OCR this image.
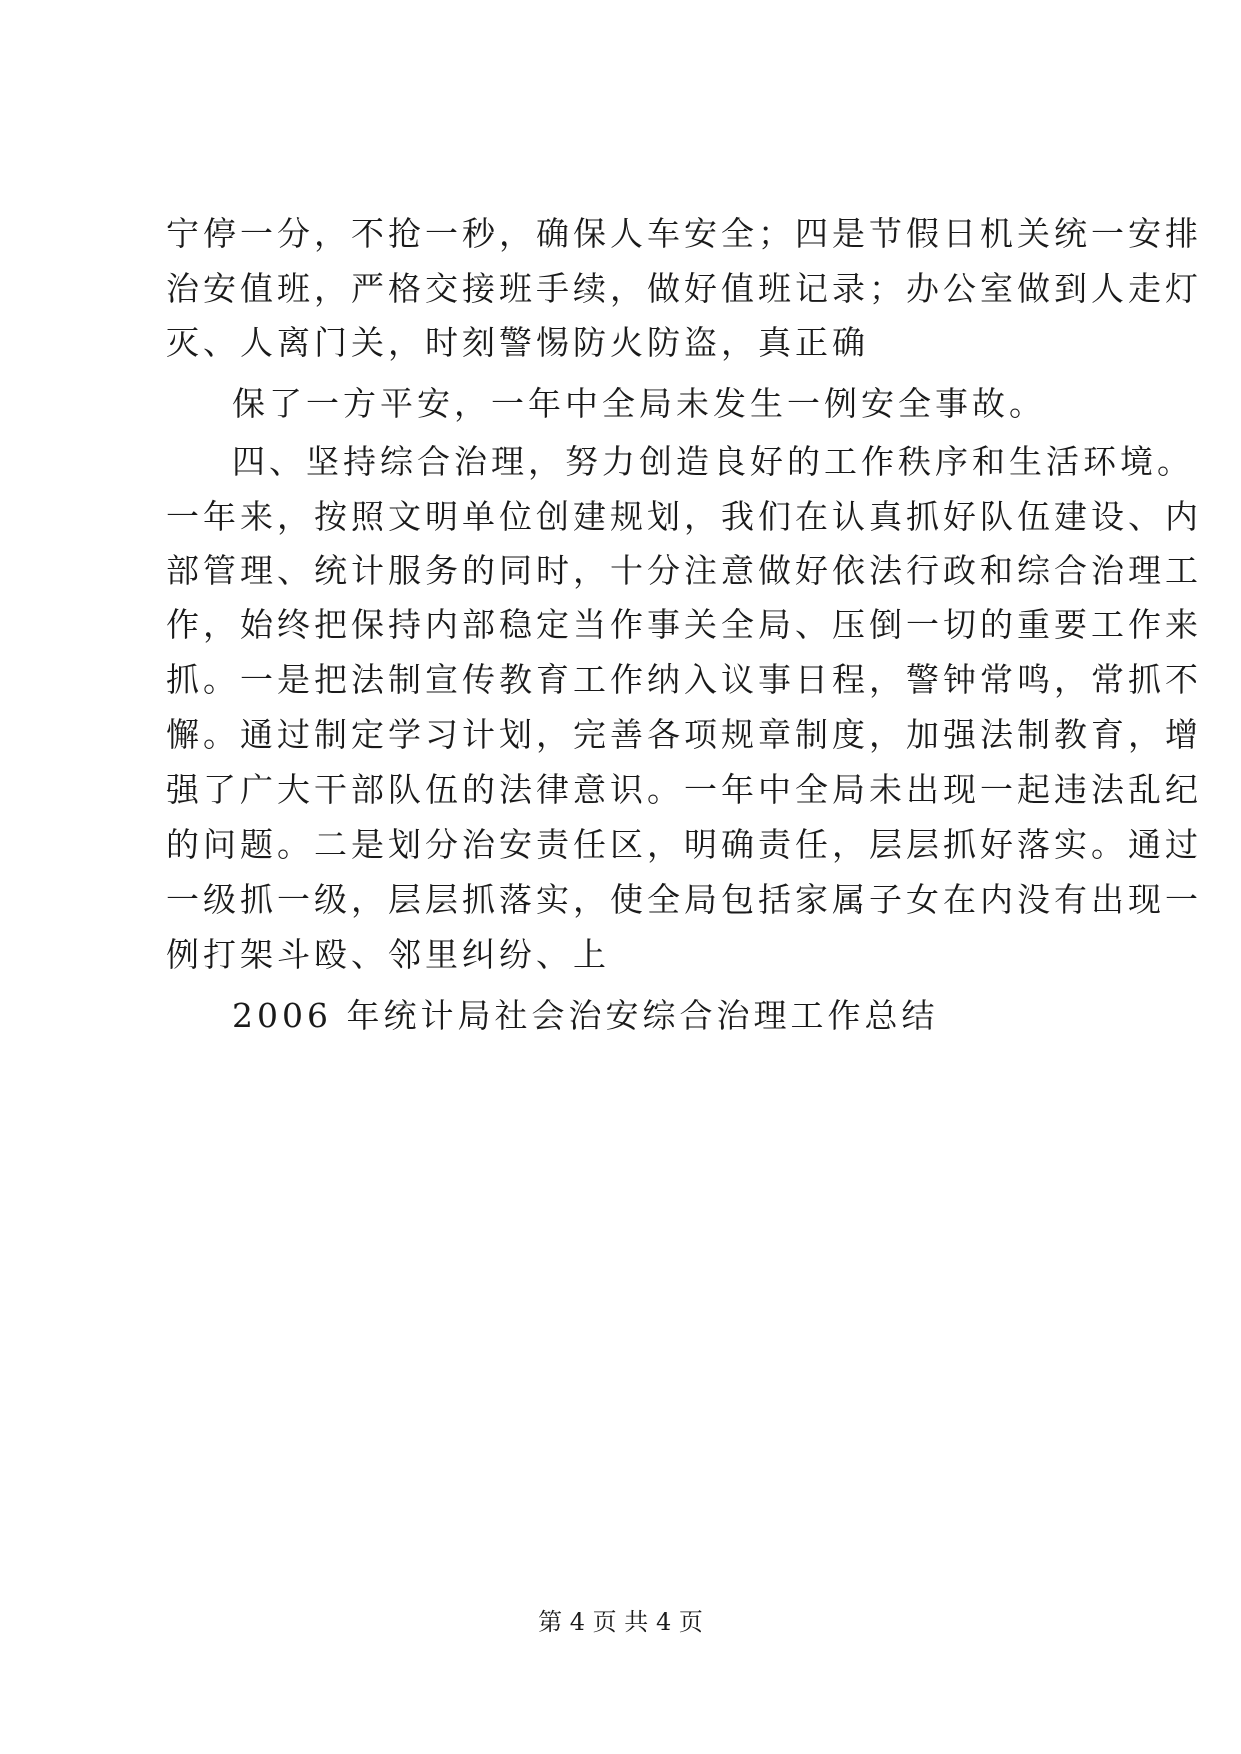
宁停一分，不抢一秒，确保人车安全；四是节假日机关统一安排
治安值班，严格交接班手续，做好值班记录；办公室做到人走灯
灭、人离门关，时刻警惕防火防盗，真正确
保了一方平安，一年中全局未发生一例安全事故。
四、坚持综合治理，努力创造良好的工作秩序和生活环境。
一年来，按照文明单位创建规划，我们在认真抓好队伍建设、内
部管理、统计服务的同时，十分注意做好依法行政和综合治理工
作，始终把保持内部稳定当作事关全局、压倒一切的重要工作来
抓。一是把法制宣传教育工作纳入议事日程，警钟常鸣，常抓不
懈。通过制定学习计划，完善各项规章制度，加强法制教育，增
强了广大干部队伍的法律意识。一年中全局未出现一起违法乱纪
的问题。二是划分治安责任区，明确责任，层层抓好落实。通过
一级抓一级，层层抓落实，使全局包括家属子女在内没有出现一
例打架斗殴、邻里纠纷、上
2006 年统计局社会治安综合治理工作总结
第 4 页 共 4 页
